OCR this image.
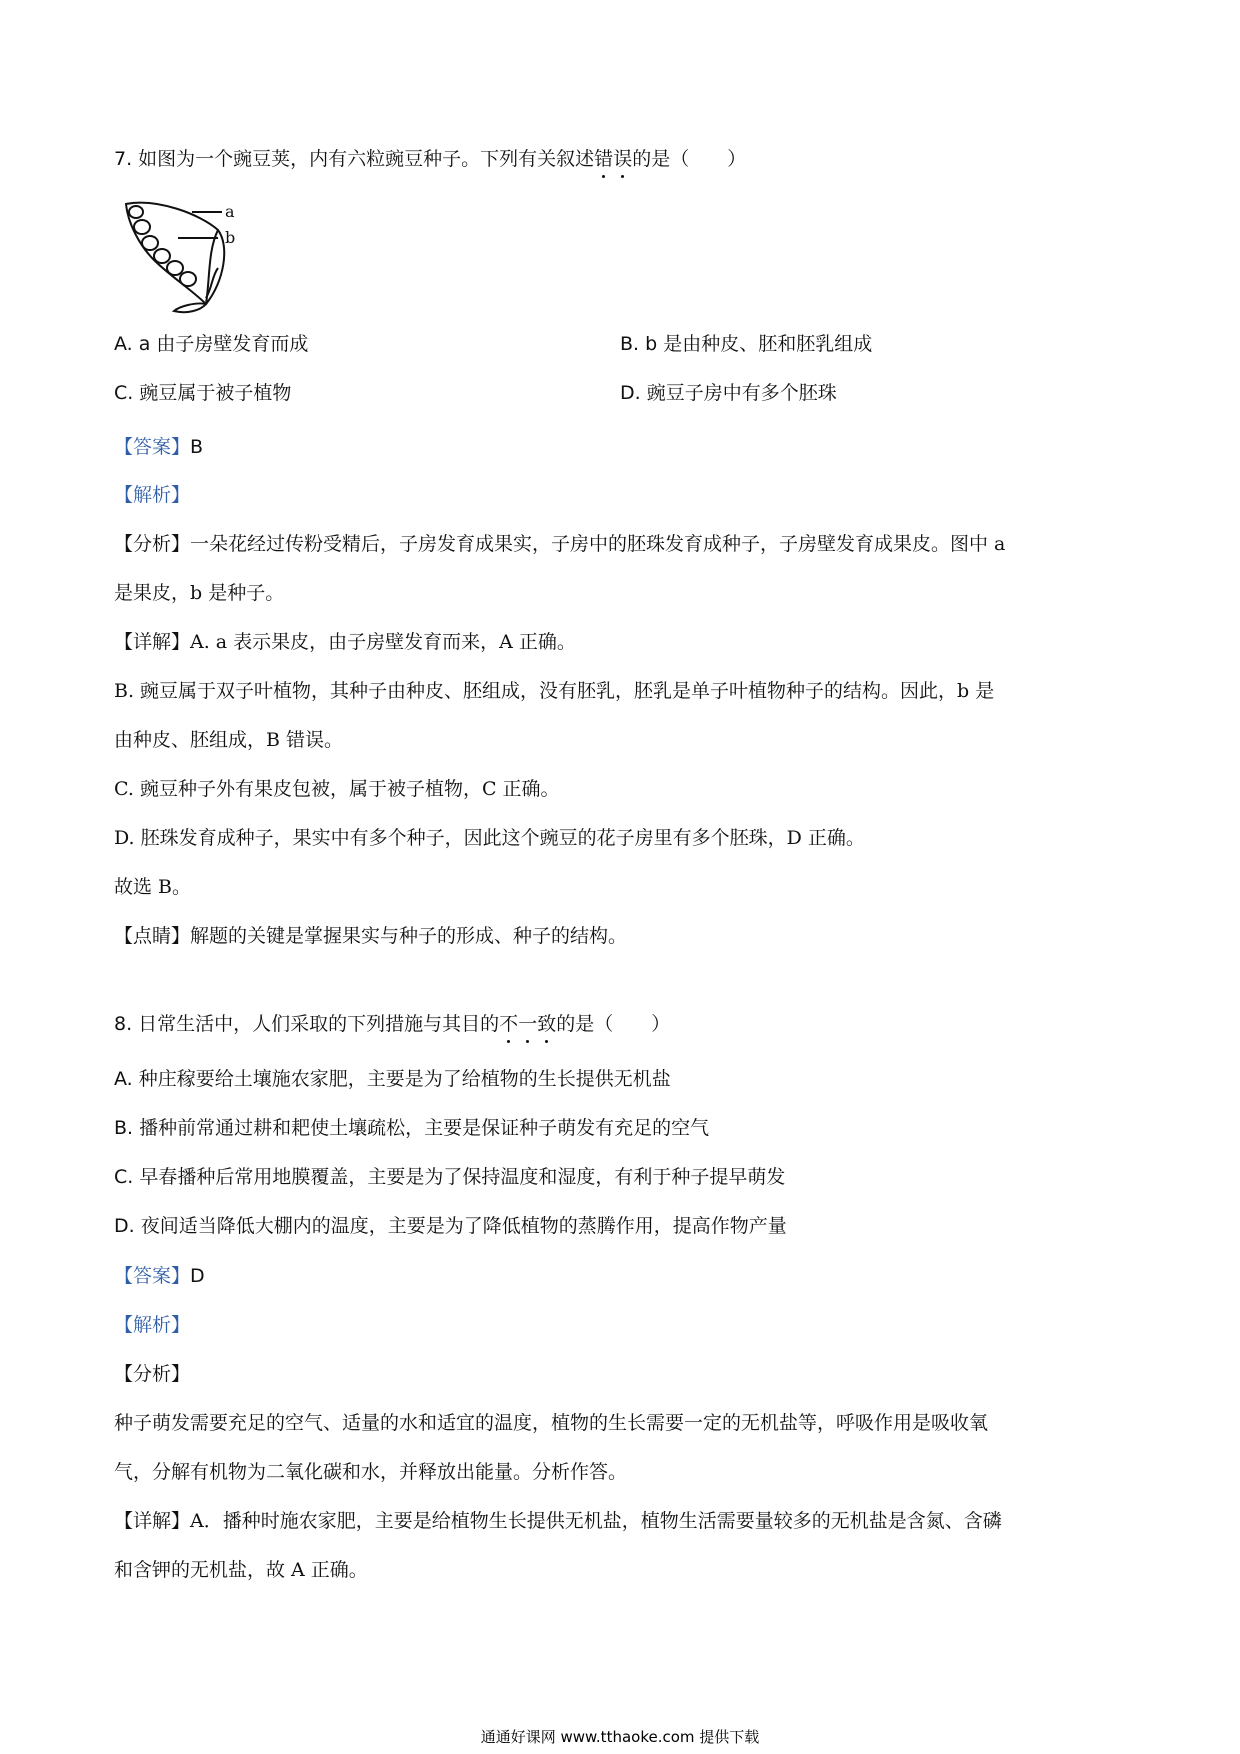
7. 如图为一个豌豆荚，内有六粒豌豆种子。下列有关叙述错
误
的是（　　）
a
b
A. a 由子房壁发育而成	B. b 是由种皮、胚和胚乳组成
C. 豌豆属于被子植物	D. 豌豆子房中有多个胚珠
【答案】B
【解析】
【分析】一朵花经过传粉受精后，子房发育成果实，子房中的胚珠发育成种子，子房壁发育成果皮。图中 a
是果皮，b 是种子。
【详解】A. a 表示果皮，由子房壁发育而来，A 正确。
B. 豌豆属于双子叶植物，其种子由种皮、胚组成，没有胚乳，胚乳是单子叶植物种子的结构。因此，b 是
由种皮、胚组成，B 错误。
C. 豌豆种子外有果皮包被，属于被子植物，C 正确。
D. 胚珠发育成种子，果实中有多个种子，因此这个豌豆的花子房里有多个胚珠，D 正确。
故选 B。
【点睛】解题的关键是掌握果实与种子的形成、种子的结构。
8. 日常生活中，人们采取的下列措施与其目的不
一
致
的是（　　）
A. 种庄稼要给土壤施农家肥，主要是为了给植物的生长提供无机盐
B. 播种前常通过耕和耙使土壤疏松，主要是保证种子萌发有充足的空气
C. 早春播种后常用地膜覆盖，主要是为了保持温度和湿度，有利于种子提早萌发
D. 夜间适当降低大棚内的温度，主要是为了降低植物的蒸腾作用，提高作物产量
【答案】D
【解析】
【分析】
种子萌发需要充足的空气、适量的水和适宜的温度，植物的生长需要一定的无机盐等，呼吸作用是吸收氧
气，分解有机物为二氧化碳和水，并释放出能量。分析作答。
【详解】A．播种时施农家肥，主要是给植物生长提供无机盐，植物生活需要量较多的无机盐是含氮、含磷
和含钾的无机盐，故 A 正确。
通通好课网 www.tthaoke.com 提供下载
